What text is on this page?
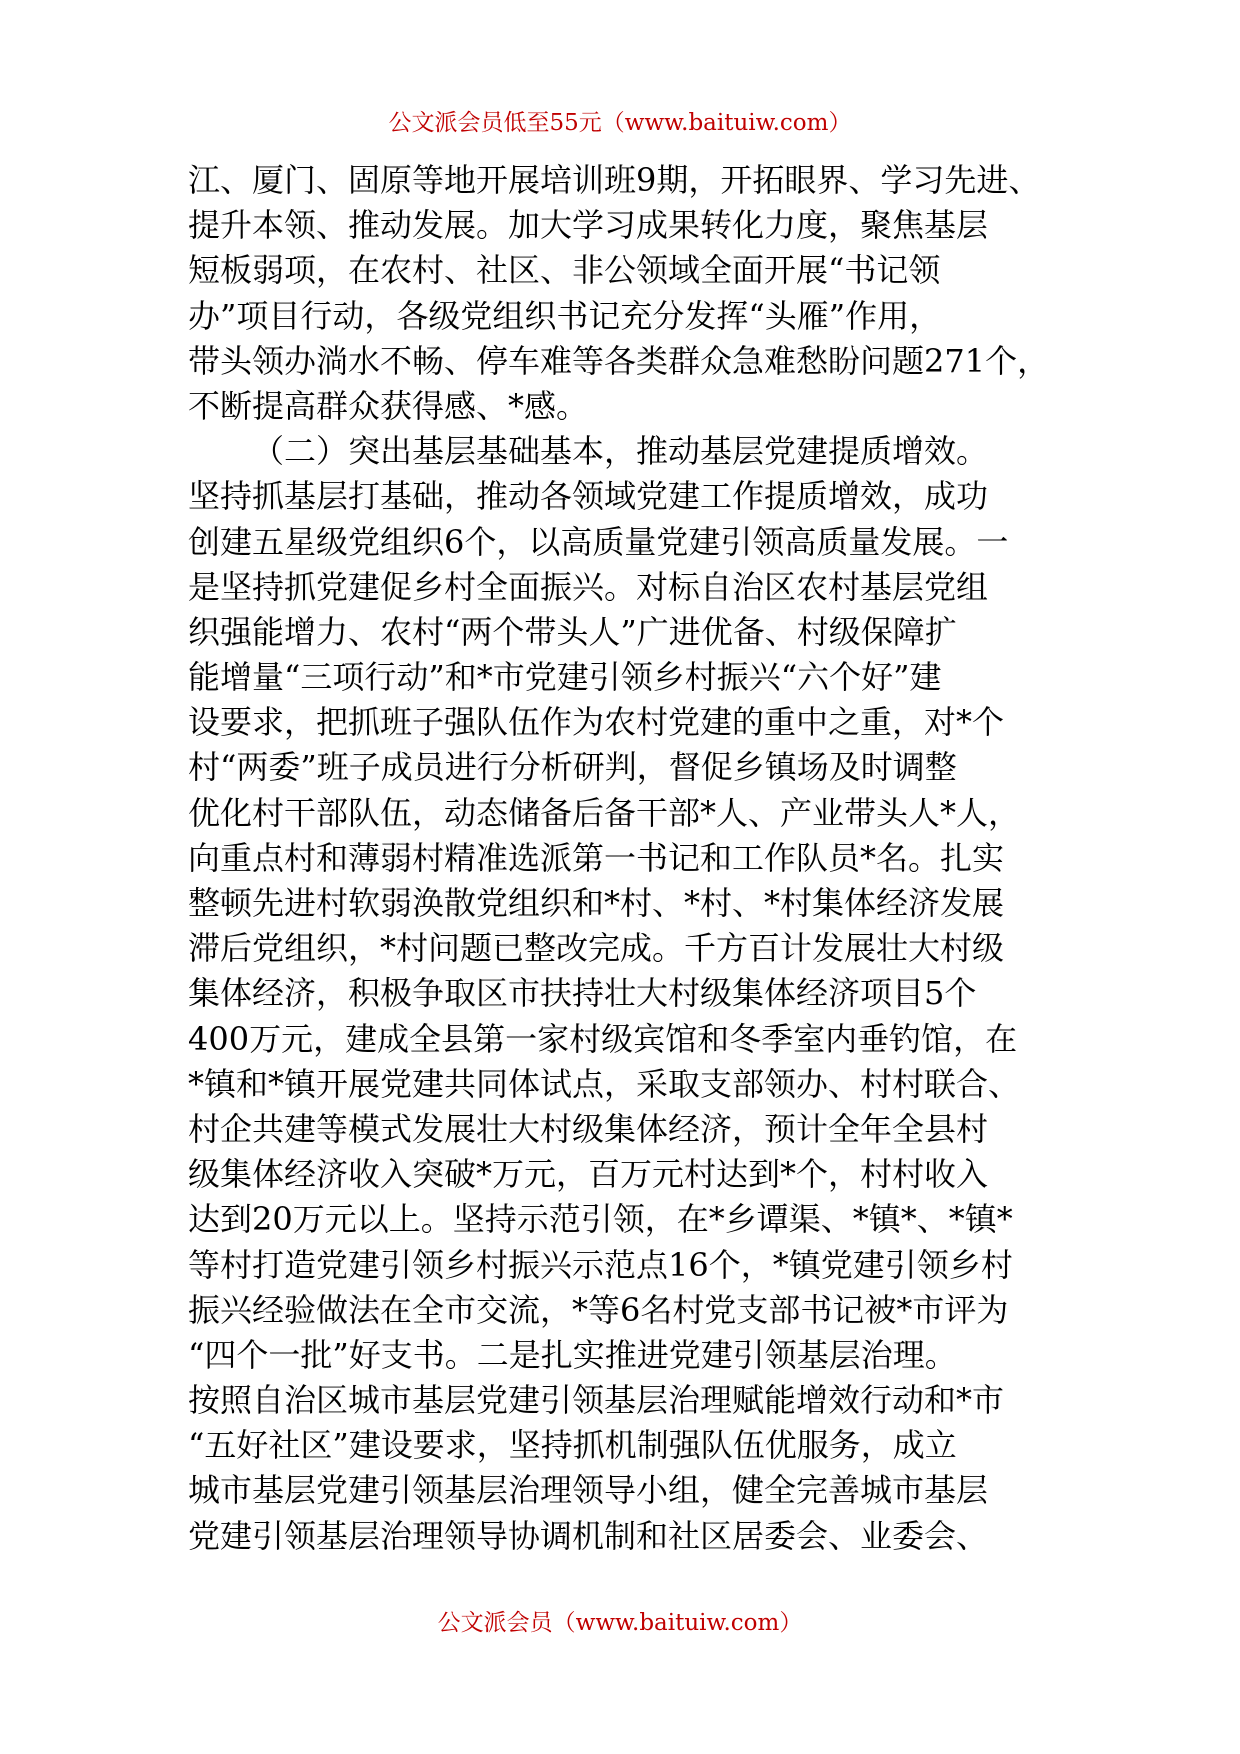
公文派会员低至55元（www.baituiw.com）
江、厦门、固原等地开展培训班9期，开拓眼界、学习先进、
提升本领、推动发展。加大学习成果转化力度，聚焦基层
短板弱项，在农村、社区、非公领域全面开展“书记领
办”项目行动，各级党组织书记充分发挥“头雁”作用，
带头领办淌水不畅、停车难等各类群众急难愁盼问题271个，
不断提高群众获得感、*感。
（二）突出基层基础基本，推动基层党建提质增效。
坚持抓基层打基础，推动各领域党建工作提质增效，成功
创建五星级党组织6个，以高质量党建引领高质量发展。一
是坚持抓党建促乡村全面振兴。对标自治区农村基层党组
织强能增力、农村“两个带头人”广进优备、村级保障扩
能增量“三项行动”和*市党建引领乡村振兴“六个好”建
设要求，把抓班子强队伍作为农村党建的重中之重，对*个
村“两委”班子成员进行分析研判，督促乡镇场及时调整
优化村干部队伍，动态储备后备干部*人、产业带头人*人，
向重点村和薄弱村精准选派第一书记和工作队员*名。扎实
整顿先进村软弱涣散党组织和*村、*村、*村集体经济发展
滞后党组织，*村问题已整改完成。千方百计发展壮大村级
集体经济，积极争取区市扶持壮大村级集体经济项目5个
400万元，建成全县第一家村级宾馆和冬季室内垂钓馆，在
*镇和*镇开展党建共同体试点，采取支部领办、村村联合、
村企共建等模式发展壮大村级集体经济，预计全年全县村
级集体经济收入突破*万元，百万元村达到*个，村村收入
达到20万元以上。坚持示范引领，在*乡谭渠、*镇*、*镇*
等村打造党建引领乡村振兴示范点16个，*镇党建引领乡村
振兴经验做法在全市交流，*等6名村党支部书记被*市评为
“四个一批”好支书。二是扎实推进党建引领基层治理。
按照自治区城市基层党建引领基层治理赋能增效行动和*市
“五好社区”建设要求，坚持抓机制强队伍优服务，成立
城市基层党建引领基层治理领导小组，健全完善城市基层
党建引领基层治理领导协调机制和社区居委会、业委会、
公文派会员（www.baituiw.com）
